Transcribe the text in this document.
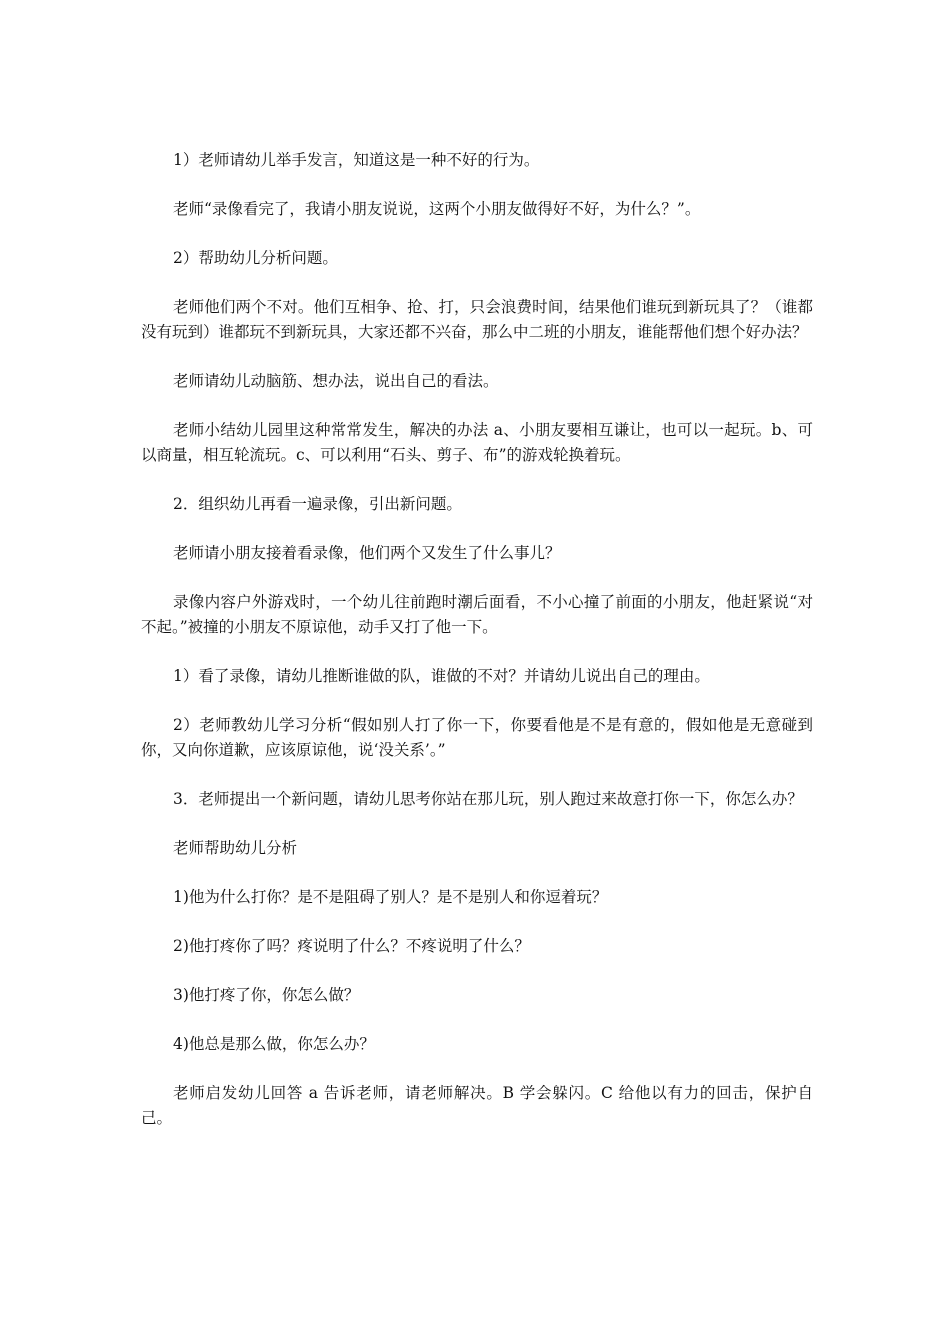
1）老师请幼儿举手发言，知道这是一种不好的行为。

老师“录像看完了，我请小朋友说说，这两个小朋友做得好不好，为什么？”。

2）帮助幼儿分析问题。

老师他们两个不对。他们互相争、抢、打，只会浪费时间，结果他们谁玩到新玩具了？（谁都没有玩到）谁都玩不到新玩具，大家还都不兴奋，那么中二班的小朋友，谁能帮他们想个好办法？

老师请幼儿动脑筋、想办法，说出自己的看法。

老师小结幼儿园里这种常常发生，解决的办法 a、小朋友要相互谦让，也可以一起玩。b、可以商量，相互轮流玩。c、可以利用“石头、剪子、布”的游戏轮换着玩。

2．组织幼儿再看一遍录像，引出新问题。

老师请小朋友接着看录像，他们两个又发生了什么事儿？

录像内容户外游戏时，一个幼儿往前跑时潮后面看，不小心撞了前面的小朋友，他赶紧说“对不起。”被撞的小朋友不原谅他，动手又打了他一下。

1）看了录像，请幼儿推断谁做的队，谁做的不对？并请幼儿说出自己的理由。

2）老师教幼儿学习分析“假如别人打了你一下，你要看他是不是有意的，假如他是无意碰到你，又向你道歉，应该原谅他，说‘没关系’。”

3．老师提出一个新问题，请幼儿思考你站在那儿玩，别人跑过来故意打你一下，你怎么办？

老师帮助幼儿分析

1)他为什么打你？是不是阻碍了别人？是不是别人和你逗着玩？

2)他打疼你了吗？疼说明了什么？不疼说明了什么？

3)他打疼了你，你怎么做？

4)他总是那么做，你怎么办？

老师启发幼儿回答 a 告诉老师，请老师解决。B 学会躲闪。C 给他以有力的回击，保护自己。
